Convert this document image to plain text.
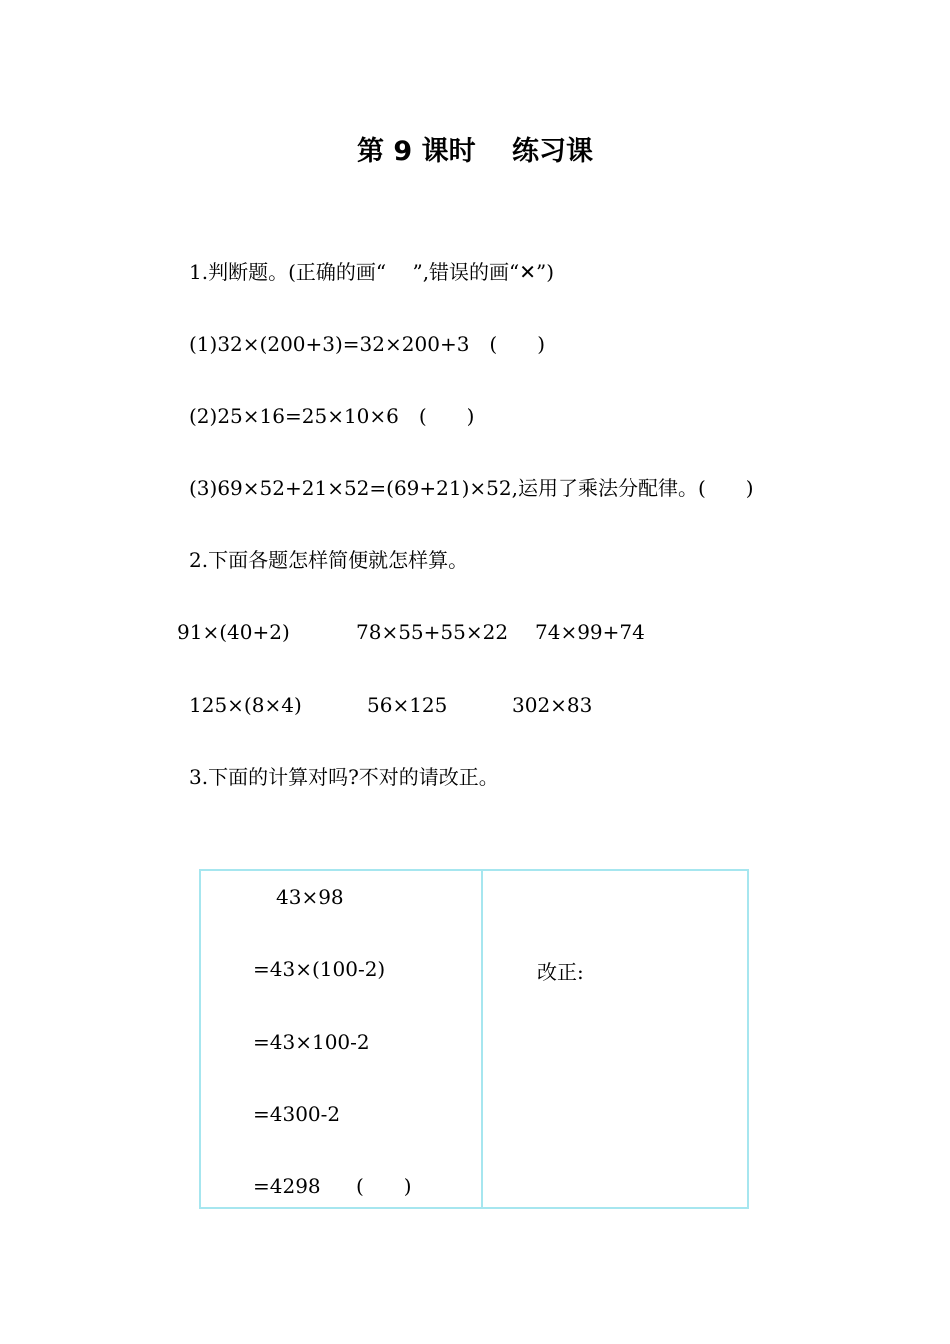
第 9 课时　 练习课
1.判断题。(正确的画“　 ”,错误的画“✕”)
(1)32×(200+3)=32×200+3　(　　)
(2)25×16=25×10×6　(　　)
(3)69×52+21×52=(69+21)×52,运用了乘法分配律。(　　)
2.下面各题怎样简便就怎样算。
91×(40+2)	78×55+55×22 74×99+74
125×(8×4)	56×125	302×83
3.下面的计算对吗?不对的请改正。
43×98
=43×(100-2)
=43×100-2
=4300-2
=4298 (　　)
改正:
